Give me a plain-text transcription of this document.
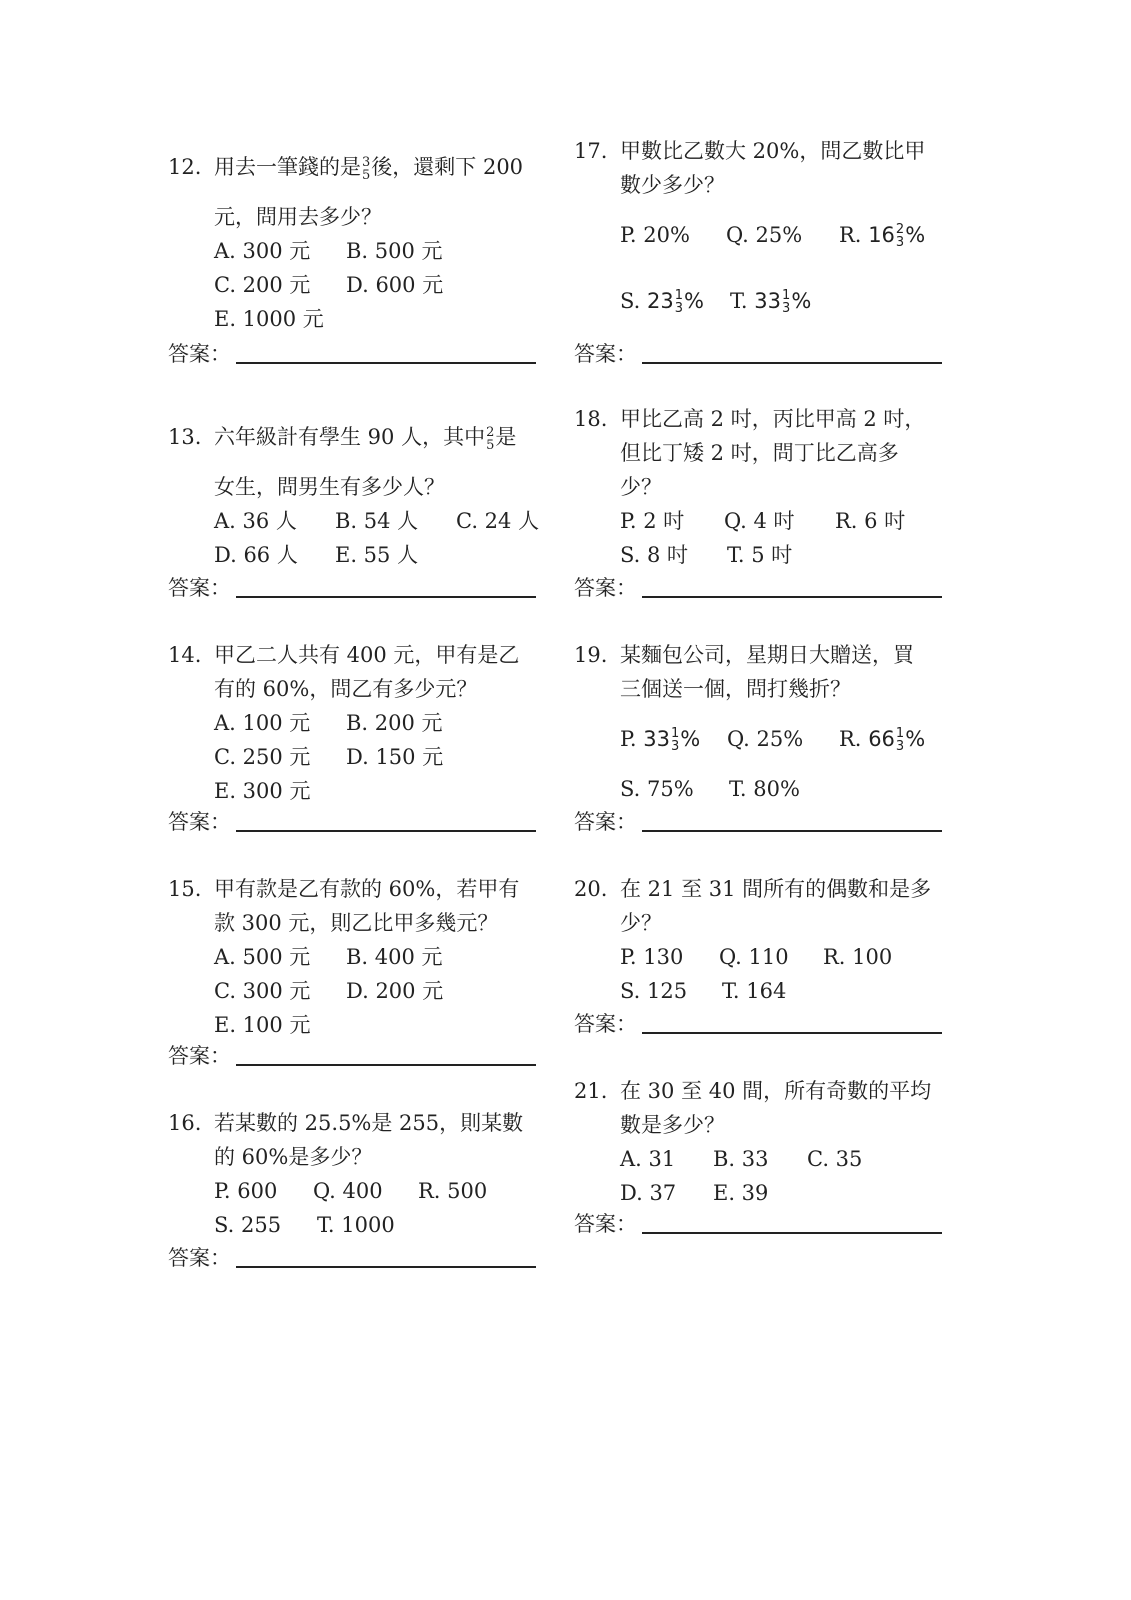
12. 用去一筆錢的是 3
5 後，還剩下 200
元，問用去多少？
A. 300 元 B. 500 元
C. 200 元 D. 600 元
E. 1000 元
答案：
13. 六年級計有學生 90 人，其中 2
5 是
女生，問男生有多少人？
A. 36 人 B. 54 人 C. 24 人
D. 66 人 E. 55 人
答案：
14. 甲乙二人共有 400 元，甲有是乙
有的 60%，問乙有多少元？
A. 100 元 B. 200 元
C. 250 元 D. 150 元
E. 300 元
答案：
15. 甲有款是乙有款的 60%，若甲有
款 300 元，則乙比甲多幾元？
A. 500 元 B. 400 元
C. 300 元 D. 200 元
E. 100 元
答案：
16. 若某數的 25.5%是 255，則某數
的 60%是多少？
P. 600 Q. 400 R. 500
S. 255 T. 1000
答案：
17. 甲數比乙數大 20%，問乙數比甲
數少多少？
P. 20% Q. 25% R. 16 2
3 %
S. 23 1
3 % T. 33 1
3 %
答案：
18. 甲比乙高 2 吋，丙比甲高 2 吋，
但比丁矮 2 吋，問丁比乙高多
少？
P. 2 吋 Q. 4 吋 R. 6 吋
S. 8 吋 T. 5 吋
答案：
19. 某麵包公司，星期日大贈送，買
三個送一個，問打幾折？
P. 33 1
3 % Q. 25% R. 66 1
3 %
S. 75% T. 80%
答案：
20. 在 21 至 31 間所有的偶數和是多
少？
P. 130 Q. 110 R. 100
S. 125 T. 164
答案：
21. 在 30 至 40 間，所有奇數的平均
數是多少？
A. 31 B. 33 C. 35
D. 37 E. 39
答案：
